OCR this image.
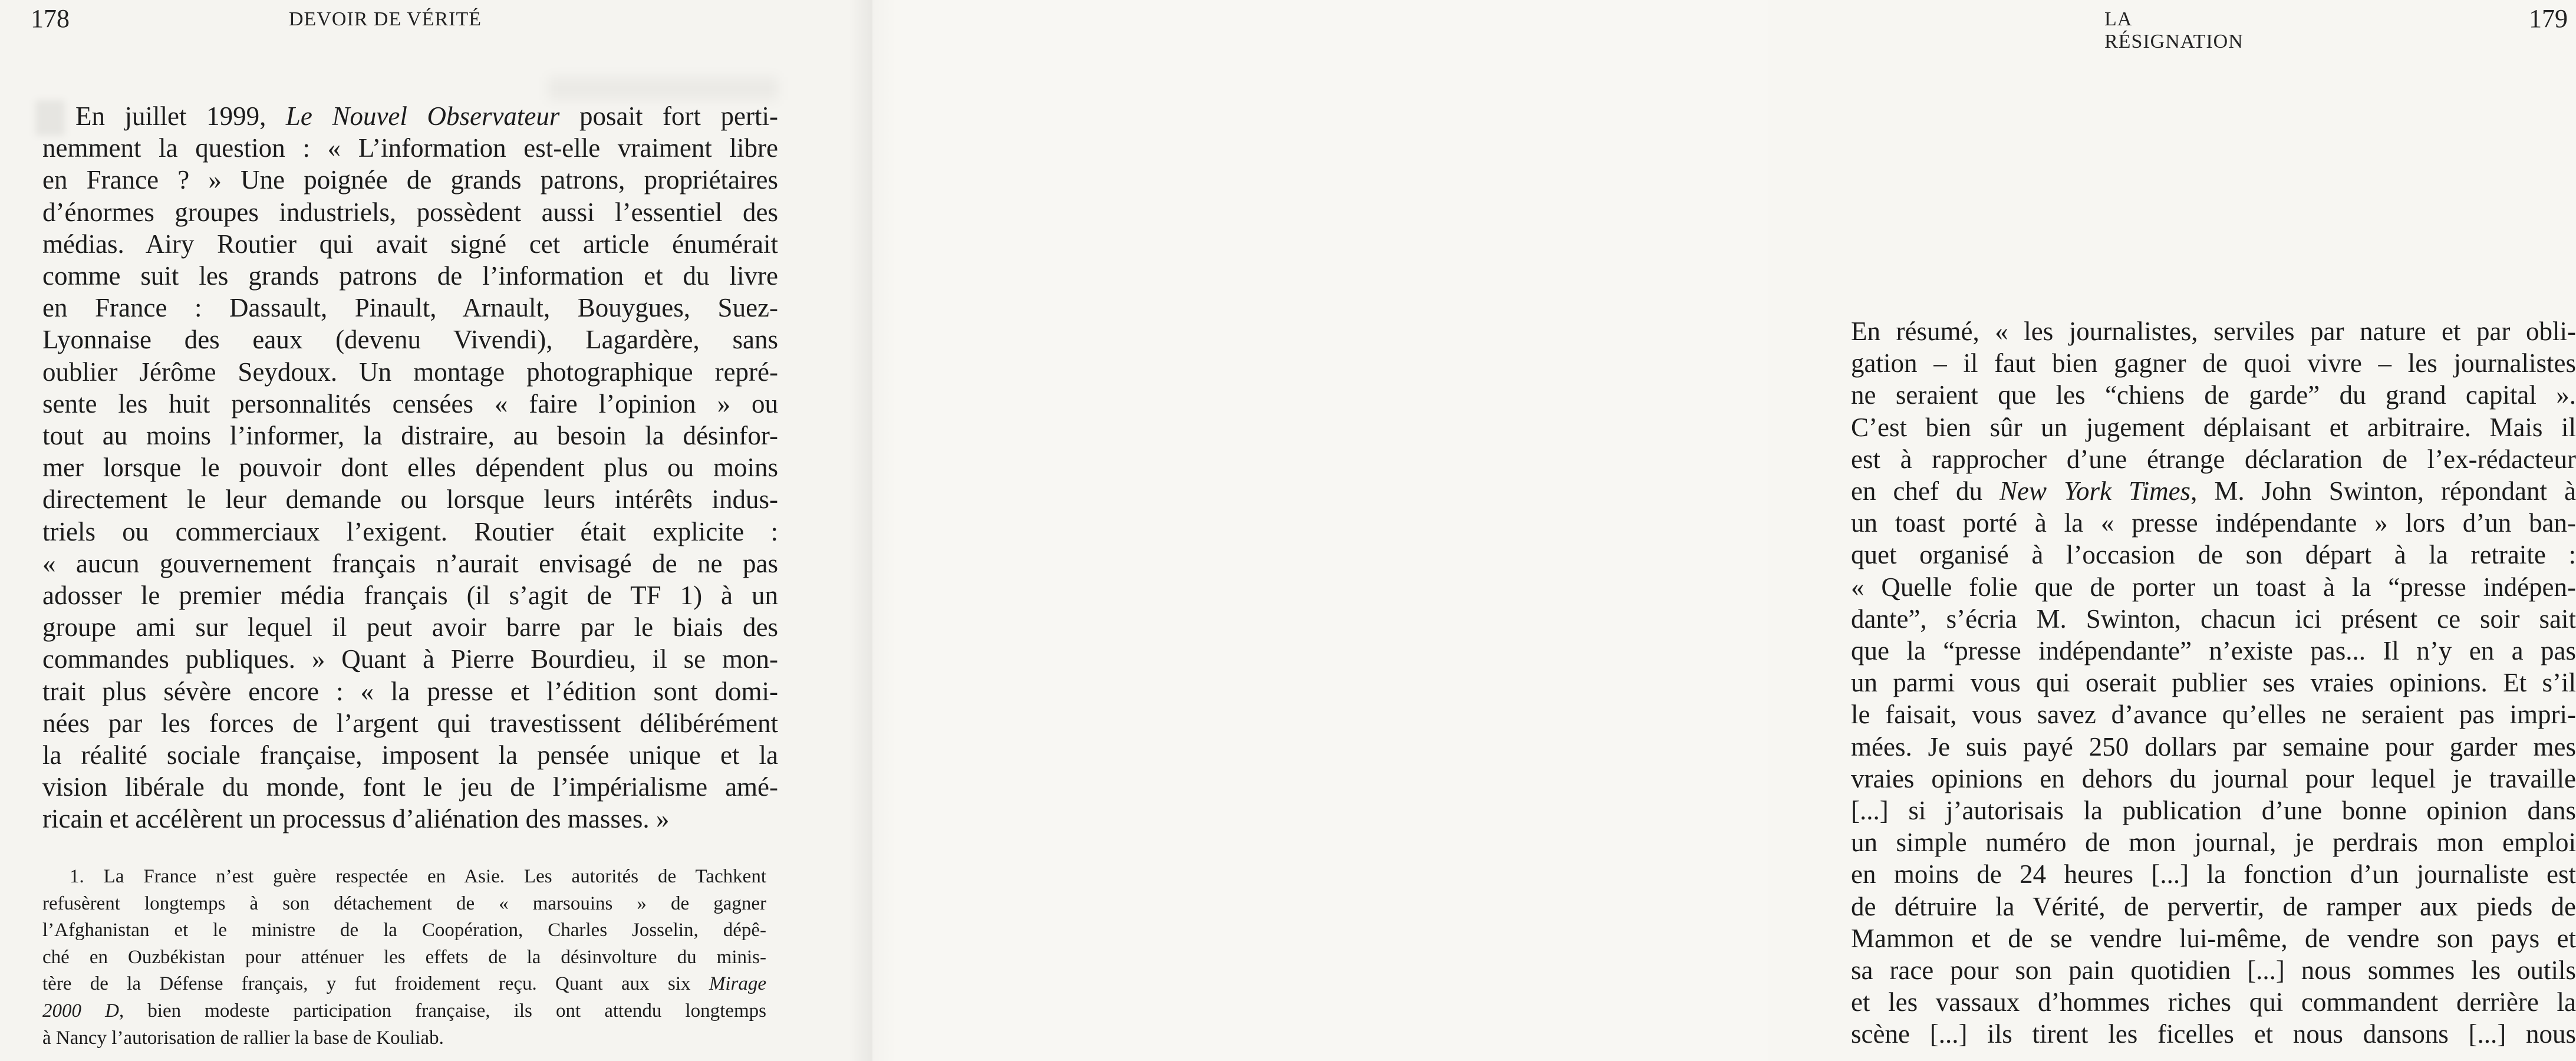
178	DEVOIR DE VÉRITÉ
En juillet 1999, Le Nouvel Observateur posait fort perti-
nemment la question : « L’information est-elle vraiment libre
en France ? » Une poignée de grands patrons, propriétaires
d’énormes groupes industriels, possèdent aussi l’essentiel des
médias. Airy Routier qui avait signé cet article énumérait
comme suit les grands patrons de l’information et du livre
en France : Dassault, Pinault, Arnault, Bouygues, Suez-
Lyonnaise des eaux (devenu Vivendi), Lagardère, sans
oublier Jérôme Seydoux. Un montage photographique repré-
sente les huit personnalités censées « faire l’opinion » ou
tout au moins l’informer, la distraire, au besoin la désinfor-
mer lorsque le pouvoir dont elles dépendent plus ou moins
directement le leur demande ou lorsque leurs intérêts indus-
triels ou commerciaux l’exigent. Routier était explicite :
« aucun gouvernement français n’aurait envisagé de ne pas
adosser le premier média français (il s’agit de TF 1) à un
groupe ami sur lequel il peut avoir barre par le biais des
commandes publiques. » Quant à Pierre Bourdieu, il se mon-
trait plus sévère encore : « la presse et l’édition sont domi-
nées par les forces de l’argent qui travestissent délibérément
la réalité sociale française, imposent la pensée unique et la
vision libérale du monde, font le jeu de l’impérialisme amé-
ricain et accélèrent un processus d’aliénation des masses. »
1. La France n’est guère respectée en Asie. Les autorités de Tachkent
refusèrent longtemps à son détachement de « marsouins » de gagner
l’Afghanistan et le ministre de la Coopération, Charles Josselin, dépê-
ché en Ouzbékistan pour atténuer les effets de la désinvolture du minis-
tère de la Défense français, y fut froidement reçu. Quant aux six Mirage
2000 D, bien modeste participation française, ils ont attendu longtemps
à Nancy l’autorisation de rallier la base de Kouliab.
LA RÉSIGNATION
179
En résumé, « les journalistes, serviles par nature et par obli-
gation – il faut bien gagner de quoi vivre – les journalistes
ne seraient que les “chiens de garde” du grand capital ».
C’est bien sûr un jugement déplaisant et arbitraire. Mais il
est à rapprocher d’une étrange déclaration de l’ex-rédacteur
en chef du New York Times, M. John Swinton, répondant à
un toast porté à la « presse indépendante » lors d’un ban-
quet organisé à l’occasion de son départ à la retraite :
« Quelle folie que de porter un toast à la “presse indépen-
dante”, s’écria M. Swinton, chacun ici présent ce soir sait
que la “presse indépendante” n’existe pas... Il n’y en a pas
un parmi vous qui oserait publier ses vraies opinions. Et s’il
le faisait, vous savez d’avance qu’elles ne seraient pas impri-
mées. Je suis payé 250 dollars par semaine pour garder mes
vraies opinions en dehors du journal pour lequel je travaille
[...] si j’autorisais la publication d’une bonne opinion dans
un simple numéro de mon journal, je perdrais mon emploi
en moins de 24 heures [...] la fonction d’un journaliste est
de détruire la Vérité, de pervertir, de ramper aux pieds de
Mammon et de se vendre lui-même, de vendre son pays et
sa race pour son pain quotidien [...] nous sommes les outils
et les vassaux d’hommes riches qui commandent derrière la
scène [...] ils tirent les ficelles et nous dansons [...] nous
